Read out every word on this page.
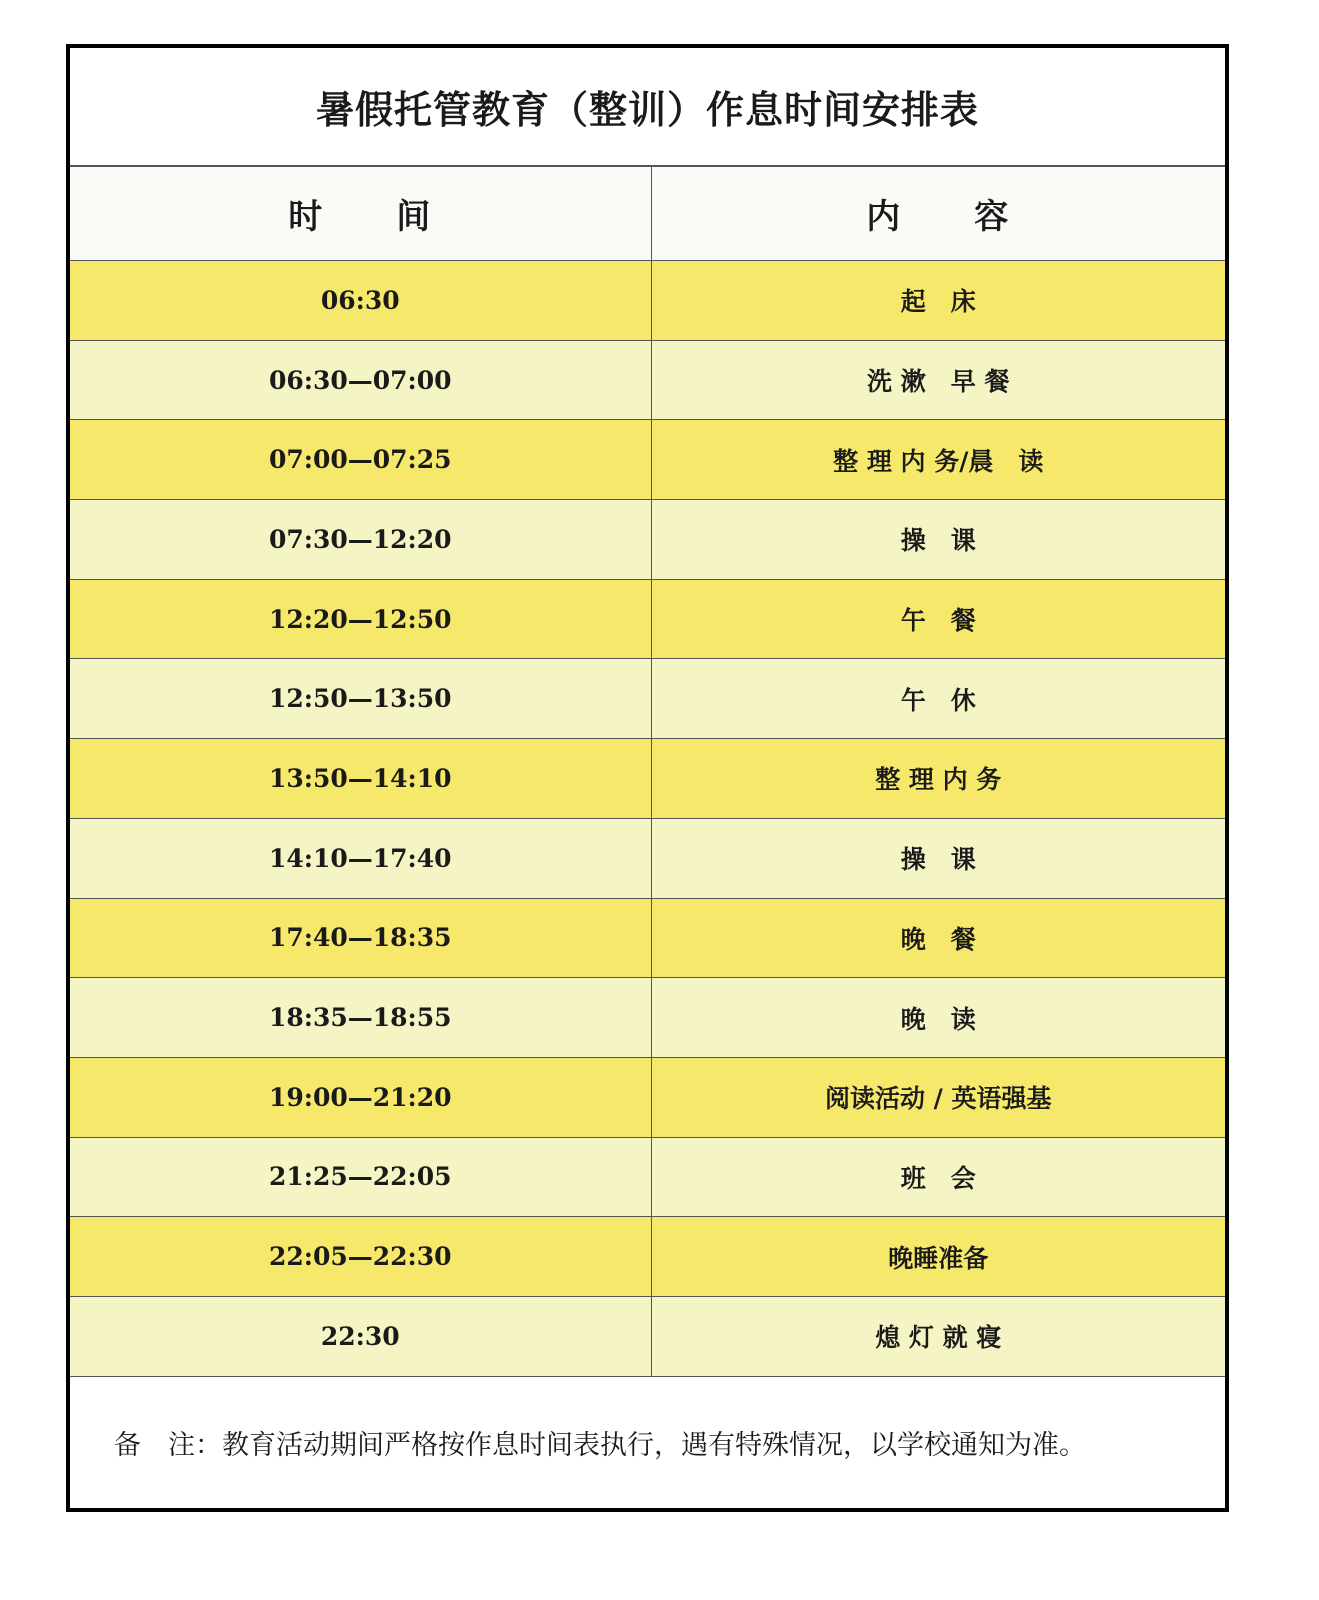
暑假托管教育（整训）作息时间安排表
时　　间	内　　容
06:30	起　床
06:30—07:00	洗 漱　早 餐
07:00—07:25	整 理 内 务/晨　读
07:30—12:20	操　课
12:20—12:50	午　餐
12:50—13:50	午　休
13:50—14:10	整 理 内 务
14:10—17:40	操　课
17:40—18:35	晚　餐
18:35—18:55	晚　读
19:00—21:20	阅读活动 / 英语强基
21:25—22:05	班　会
22:05—22:30	晚睡准备
22:30	熄 灯 就 寝
备　注：教育活动期间严格按作息时间表执行，遇有特殊情况，以学校通知为准。
